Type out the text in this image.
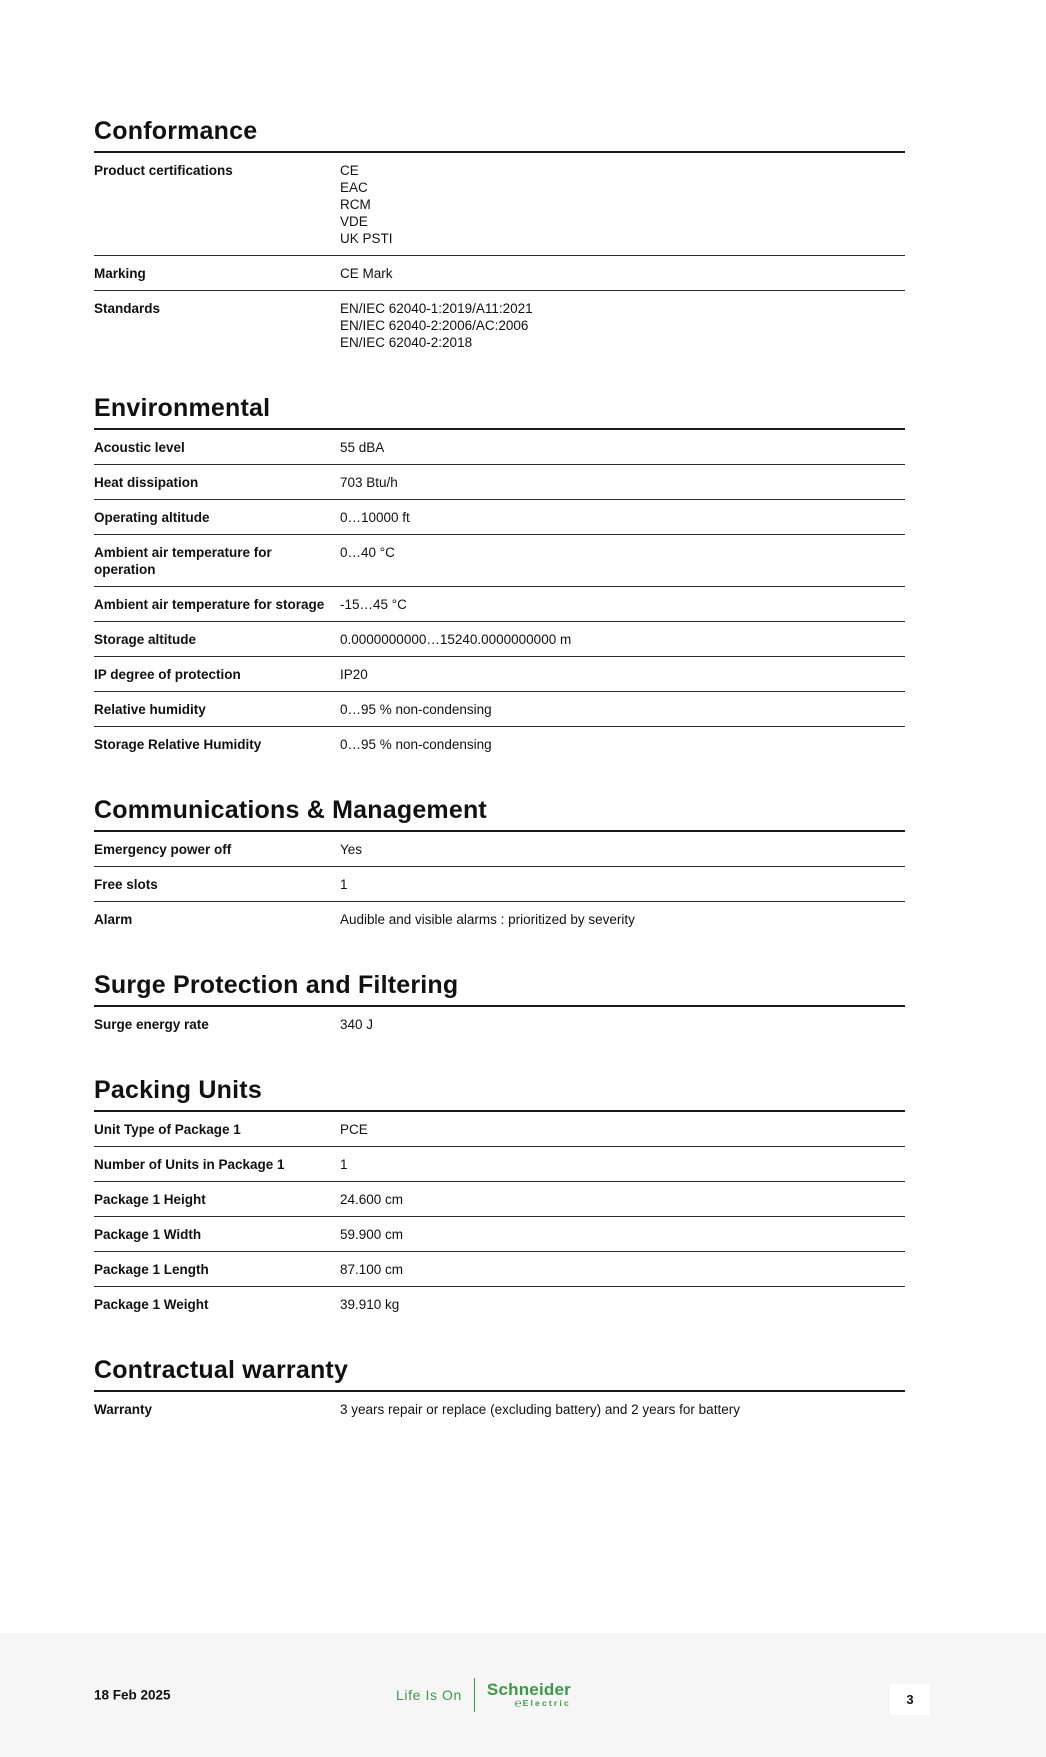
Conformance
Product certifications	CE
EAC
RCM
VDE
UK PSTI
Marking	CE Mark
Standards	EN/IEC 62040-1:2019/A11:2021
EN/IEC 62040-2:2006/AC:2006
EN/IEC 62040-2:2018
Environmental
Acoustic level	55 dBA
Heat dissipation	703 Btu/h
Operating altitude	0…10000 ft
Ambient air temperature for operation
0…40 °C
Ambient air temperature for storage	-15…45 °C
Storage altitude	0.0000000000…15240.0000000000 m
IP degree of protection	IP20
Relative humidity	0…95 % non-condensing
Storage Relative Humidity	0…95 % non-condensing
Communications & Management
Emergency power off	Yes
Free slots	1
Alarm	Audible and visible alarms : prioritized by severity
Surge Protection and Filtering
Surge energy rate	340 J
Packing Units
Unit Type of Package 1	PCE
Number of Units in Package 1	1
Package 1 Height	24.600 cm
Package 1 Width	59.900 cm
Package 1 Length	87.100 cm
Package 1 Weight	39.910 kg
Contractual warranty
Warranty	3 years repair or replace (excluding battery) and 2 years for battery
18 Feb 2025	Life Is On Schneider
℮ Electric	3
